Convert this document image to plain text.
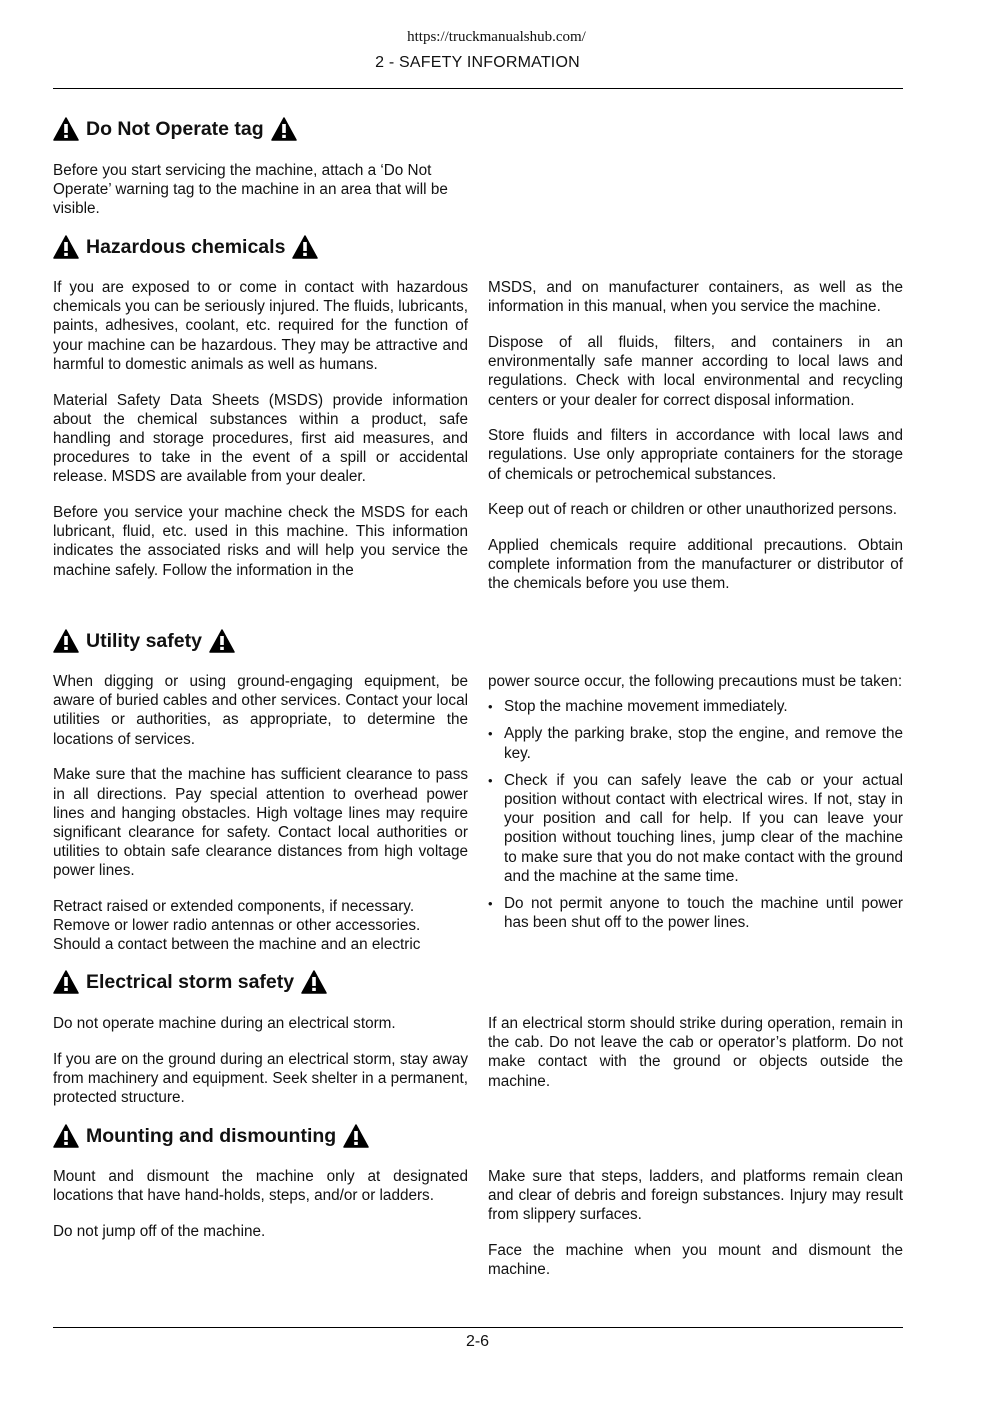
https://truckmanualshub.com/
2 - SAFETY INFORMATION
Do Not Operate tag

Before you start servicing the machine, attach a ‘Do Not Operate’ warning tag to the machine in an area that will be visible.

Hazardous chemicals

If you are exposed to or come in contact with hazardous chemicals you can be seriously injured. The fluids, lubricants, paints, adhesives, coolant, etc. required for the function of your machine can be hazardous. They may be attractive and harmful to domestic animals as well as humans.

Material Safety Data Sheets (MSDS) provide information about the chemical substances within a product, safe handling and storage procedures, first aid measures, and procedures to take in the event of a spill or accidental release. MSDS are available from your dealer.

Before you service your machine check the MSDS for each lubricant, fluid, etc. used in this machine. This information indicates the associated risks and will help you service the machine safely. Follow the information in the

MSDS, and on manufacturer containers, as well as the information in this manual, when you service the machine.

Dispose of all fluids, filters, and containers in an environmentally safe manner according to local laws and regulations. Check with local environmental and recycling centers or your dealer for correct disposal information.

Store fluids and filters in accordance with local laws and regulations. Use only appropriate containers for the storage of chemicals or petrochemical substances.

Keep out of reach or children or other unauthorized persons.

Applied chemicals require additional precautions. Obtain complete information from the manufacturer or distributor of the chemicals before you use them.

Utility safety

When digging or using ground-engaging equipment, be aware of buried cables and other services. Contact your local utilities or authorities, as appropriate, to determine the locations of services.

Make sure that the machine has sufficient clearance to pass in all directions. Pay special attention to overhead power lines and hanging obstacles. High voltage lines may require significant clearance for safety. Contact local authorities or utilities to obtain safe clearance distances from high voltage power lines.

Retract raised or extended components, if necessary. Remove or lower radio antennas or other accessories. Should a contact between the machine and an electric

power source occur, the following precautions must be taken:

• Stop the machine movement immediately.
• Apply the parking brake, stop the engine, and remove the key.
• Check if you can safely leave the cab or your actual position without contact with electrical wires. If not, stay in your position and call for help. If you can leave your position without touching lines, jump clear of the machine to make sure that you do not make contact with the ground and the machine at the same time.
• Do not permit anyone to touch the machine until power has been shut off to the power lines.
Electrical storm safety

Do not operate machine during an electrical storm.

If you are on the ground during an electrical storm, stay away from machinery and equipment. Seek shelter in a permanent, protected structure.

If an electrical storm should strike during operation, remain in the cab. Do not leave the cab or operator’s platform. Do not make contact with the ground or objects outside the machine.

Mounting and dismounting

Mount and dismount the machine only at designated locations that have hand-holds, steps, and/or or ladders.

Do not jump off of the machine.

Make sure that steps, ladders, and platforms remain clean and clear of debris and foreign substances. Injury may result from slippery surfaces.

Face the machine when you mount and dismount the machine.

2-6
